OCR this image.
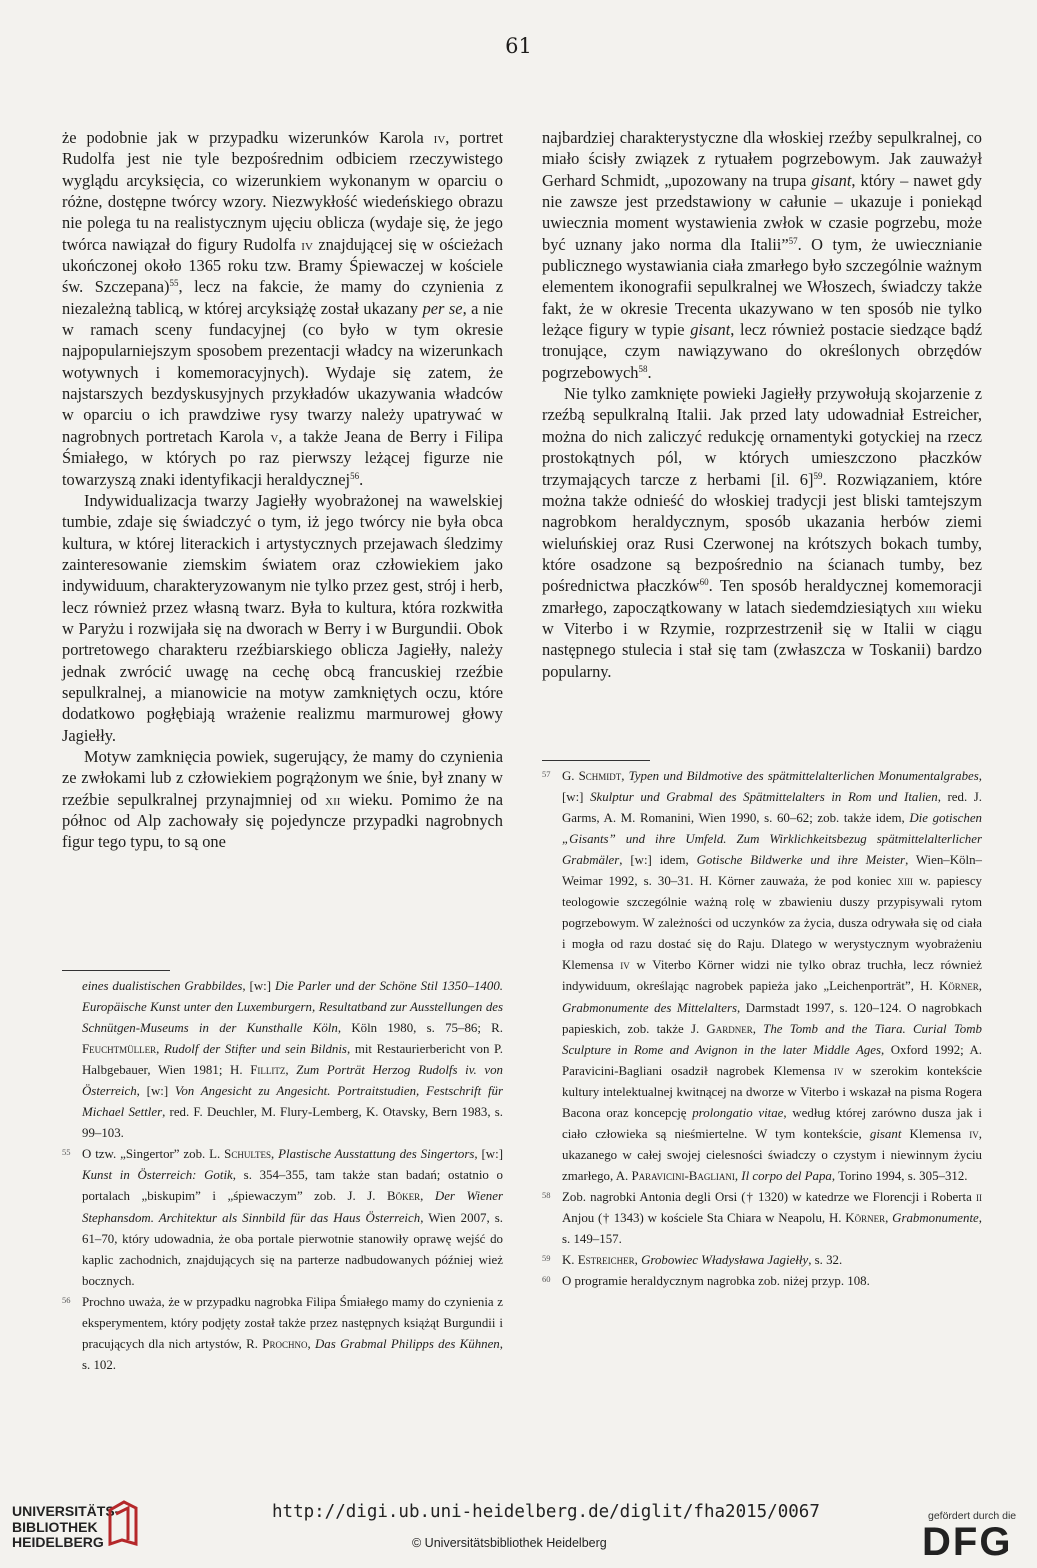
61

że podobnie jak w przypadku wizerunków Karola iv, portret Rudolfa jest nie tyle bezpośrednim odbiciem rzeczywistego wyglądu arcyksięcia, co wizerunkiem wykonanym w oparciu o różne, dostępne twórcy wzory. Niezwykłość wiedeńskiego obrazu nie polega tu na realistycznym ujęciu oblicza (wydaje się, że jego twórca nawiązał do figury Rudolfa iv znajdującej się w ościeżach ukończonej około 1365 roku tzw. Bramy Śpiewaczej w kościele św. Szczepana)$^{55}$, lecz na fakcie, że mamy do czynienia z niezależną tablicą, w której arcyksiążę został ukazany per se, a nie w ramach sceny fundacyjnej (co było w tym okresie najpopularniejszym sposobem prezentacji władcy na wizerunkach wotywnych i komemoracyjnych). Wydaje się zatem, że najstarszych bezdyskusyjnych przykładów ukazywania władców w oparciu o ich prawdziwe rysy twarzy należy upatrywać w nagrobnych portretach Karola v, a także Jeana de Berry i Filipa Śmiałego, w których po raz pierwszy leżącej figurze nie towarzyszą znaki identyfikacji heraldycznej$^{56}$.

Indywidualizacja twarzy Jagiełły wyobrażonej na wawelskiej tumbie, zdaje się świadczyć o tym, iż jego twórcy nie była obca kultura, w której literackich i artystycznych przejawach śledzimy zainteresowanie ziemskim światem oraz człowiekiem jako indywiduum, charakteryzowanym nie tylko przez gest, strój i herb, lecz również przez własną twarz. Była to kultura, która rozkwitła w Paryżu i rozwijała się na dworach w Berry i w Burgundii. Obok portretowego charakteru rzeźbiarskiego oblicza Jagiełły, należy jednak zwrócić uwagę na cechę obcą francuskiej rzeźbie sepulkralnej, a mianowicie na motyw zamkniętych oczu, które dodatkowo pogłębiają wrażenie realizmu marmurowej głowy Jagiełły.

Motyw zamknięcia powiek, sugerujący, że mamy do czynienia ze zwłokami lub z człowiekiem pogrążonym we śnie, był znany w rzeźbie sepulkralnej przynajmniej od xii wieku. Pomimo że na północ od Alp zachowały się pojedyncze przypadki nagrobnych figur tego typu, to są one

eines dualistischen Grabbildes, [w:] Die Parler und der Schöne Stil 1350–1400. Europäische Kunst unter den Luxemburgern, Resultatband zur Ausstellungen des Schnütgen-Museums in der Kunsthalle Köln, Köln 1980, s. 75–86; R. Feuchtmüller, Rudolf der Stifter und sein Bildnis, mit Restaurierbericht von P. Halbgebauer, Wien 1981; H. Fillitz, Zum Porträt Herzog Rudolfs iv. von Österreich, [w:] Von Angesicht zu Angesicht. Portraitstudien, Festschrift für Michael Settler, red. F. Deuchler, M. Flury-Lemberg, K. Otavsky, Bern 1983, s. 99–103.
55 O tzw. „Singertor” zob. L. Schultes, Plastische Ausstattung des Singertors, [w:] Kunst in Österreich: Gotik, s. 354–355, tam także stan badań; ostatnio o portalach „biskupim” i „śpiewaczym” zob. J. J. Böker, Der Wiener Stephansdom. Architektur als Sinnbild für das Haus Österreich, Wien 2007, s. 61–70, który udowadnia, że oba portale pierwotnie stanowiły oprawę wejść do kaplic zachodnich, znajdujących się na parterze nadbudowanych później wież bocznych.
56 Prochno uważa, że w przypadku nagrobka Filipa Śmiałego mamy do czynienia z eksperymentem, który podjęty został także przez następnych książąt Burgundii i pracujących dla nich artystów, R. Prochno, Das Grabmal Philipps des Kühnen, s. 102.

najbardziej charakterystyczne dla włoskiej rzeźby sepulkralnej, co miało ścisły związek z rytuałem pogrzebowym. Jak zauważył Gerhard Schmidt, „upozowany na trupa gisant, który – nawet gdy nie zawsze jest przedstawiony w całunie – ukazuje i poniekąd uwiecznia moment wystawienia zwłok w czasie pogrzebu, może być uznany jako norma dla Italii”$^{57}$. O tym, że uwiecznianie publicznego wystawiania ciała zmarłego było szczególnie ważnym elementem ikonografii sepulkralnej we Włoszech, świadczy także fakt, że w okresie Trecenta ukazywano w ten sposób nie tylko leżące figury w typie gisant, lecz również postacie siedzące bądź tronujące, czym nawiązywano do określonych obrzędów pogrzebowych$^{58}$.

Nie tylko zamknięte powieki Jagiełły przywołują skojarzenie z rzeźbą sepulkralną Italii. Jak przed laty udowadniał Estreicher, można do nich zaliczyć redukcję ornamentyki gotyckiej na rzecz prostokątnych pól, w których umieszczono płaczków trzymających tarcze z herbami [il. 6]$^{59}$. Rozwiązaniem, które można także odnieść do włoskiej tradycji jest bliski tamtejszym nagrobkom heraldycznym, sposób ukazania herbów ziemi wieluńskiej oraz Rusi Czerwonej na krótszych bokach tumby, które osadzone są bezpośrednio na ścianach tumby, bez pośrednictwa płaczków$^{60}$. Ten sposób heraldycznej komemoracji zmarłego, zapoczątkowany w latach siedemdziesiątych xiii wieku w Viterbo i w Rzymie, rozprzestrzenił się w Italii w ciągu następnego stulecia i stał się tam (zwłaszcza w Toskanii) bardzo popularny.

57 G. Schmidt, Typen und Bildmotive des spätmittelalterlichen Monumentalgrabes, [w:] Skulptur und Grabmal des Spätmittelalters in Rom und Italien, red. J. Garms, A. M. Romanini, Wien 1990, s. 60–62; zob. także idem, Die gotischen „Gisants” und ihre Umfeld. Zum Wirklichkeitsbezug spätmittelalterlicher Grabmäler, [w:] idem, Gotische Bildwerke und ihre Meister, Wien–Köln–Weimar 1992, s. 30–31. H. Körner zauważa, że pod koniec xiii w. papiescy teologowie szczególnie ważną rolę w zbawieniu duszy przypisywali rytom pogrzebowym. W zależności od uczynków za życia, dusza odrywała się od ciała i mogła od razu dostać się do Raju. Dlatego w werystycznym wyobrażeniu Klemensa iv w Viterbo Körner widzi nie tylko obraz truchła, lecz również indywiduum, określając nagrobek papieża jako „Leichenporträt”, H. Körner, Grabmonumente des Mittelalters, Darmstadt 1997, s. 120–124. O nagrobkach papieskich, zob. także J. Gardner, The Tomb and the Tiara. Curial Tomb Sculpture in Rome and Avignon in the later Middle Ages, Oxford 1992; A. Paravicini-Bagliani osadził nagrobek Klemensa iv w szerokim kontekście kultury intelektualnej kwitnącej na dworze w Viterbo i wskazał na pisma Rogera Bacona oraz koncepcję prolongatio vitae, według której zarówno dusza jak i ciało człowieka są nieśmiertelne. W tym kontekście, gisant Klemensa iv, ukazanego w całej swojej cielesności świadczy o czystym i niewinnym życiu zmarłego, A. Paravicini-Bagliani, Il corpo del Papa, Torino 1994, s. 305–312.
58 Zob. nagrobki Antonia degli Orsi († 1320) w katedrze we Florencji i Roberta ii Anjou († 1343) w kościele Sta Chiara w Neapolu, H. Körner, Grabmonumente, s. 149–157.
59 K. Estreicher, Grobowiec Władysława Jagiełły, s. 32.
60 O programie heraldycznym nagrobka zob. niżej przyp. 108.
UNIVERSITÄTS-
BIBLIOTHEK
HEIDELBERG
http://digi.ub.uni-heidelberg.de/diglit/fha2015/0067
© Universitätsbibliothek Heidelberg
gefördert durch die
DFG
